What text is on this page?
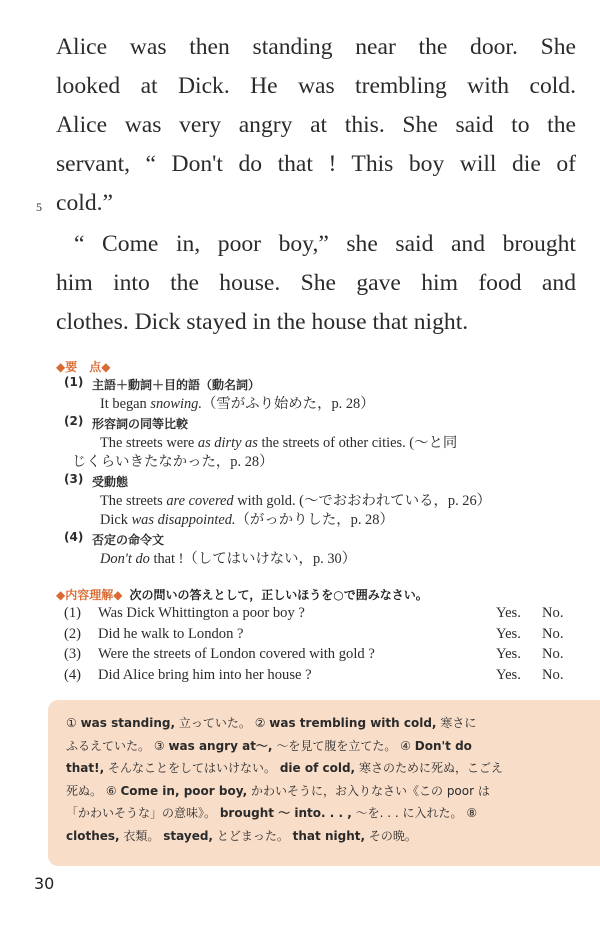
Alice was then standing near the door. She

looked at Dick. He was trembling with cold.

Alice was very angry at this. She said to the

servant, “ Don't do that ! This boy will die of

cold.”

“ Come in, poor boy,” she said and brought

him into the house. She gave him food and

clothes. Dick stayed in the house that night.

5
◆要　点◆
(1) 主語＋動詞＋目的語（動名詞）
It began snowing.（雪がふり始めた，p. 28）
(2) 形容詞の同等比較
The streets were as dirty as the streets of other cities. (〜と同
じくらいきたなかった，p. 28）
(3) 受動態
The streets are covered with gold. (〜でおおわれている，p. 26）
Dick was disappointed.（がっかりした，p. 28）
(4) 否定の命令文
Don't do that !（してはいけない，p. 30）
◆内容理解◆ 次の問いの答えとして，正しいほうを○で囲みなさい。
(1) Was Dick Whittington a poor boy ?	Yes. No.
(2) Did he walk to London ?	Yes. No.
(3) Were the streets of London covered with gold ?	Yes. No.
(4) Did Alice bring him into her house ?	Yes. No.
① was standing, 立っていた。 ② was trembling with cold, 寒さに
ふるえていた。 ③ was angry at〜, 〜を見て腹を立てた。 ④ Don't do
that!, そんなことをしてはいけない。 die of cold, 寒さのために死ぬ，こごえ
死ぬ。 ⑥ Come in, poor boy, かわいそうに，お入りなさい《この poor は
「かわいそうな」の意味》。 brought 〜 into. . . , 〜を. . . に入れた。 ⑧
clothes, 衣類。 stayed, とどまった。 that night, その晩。
30
